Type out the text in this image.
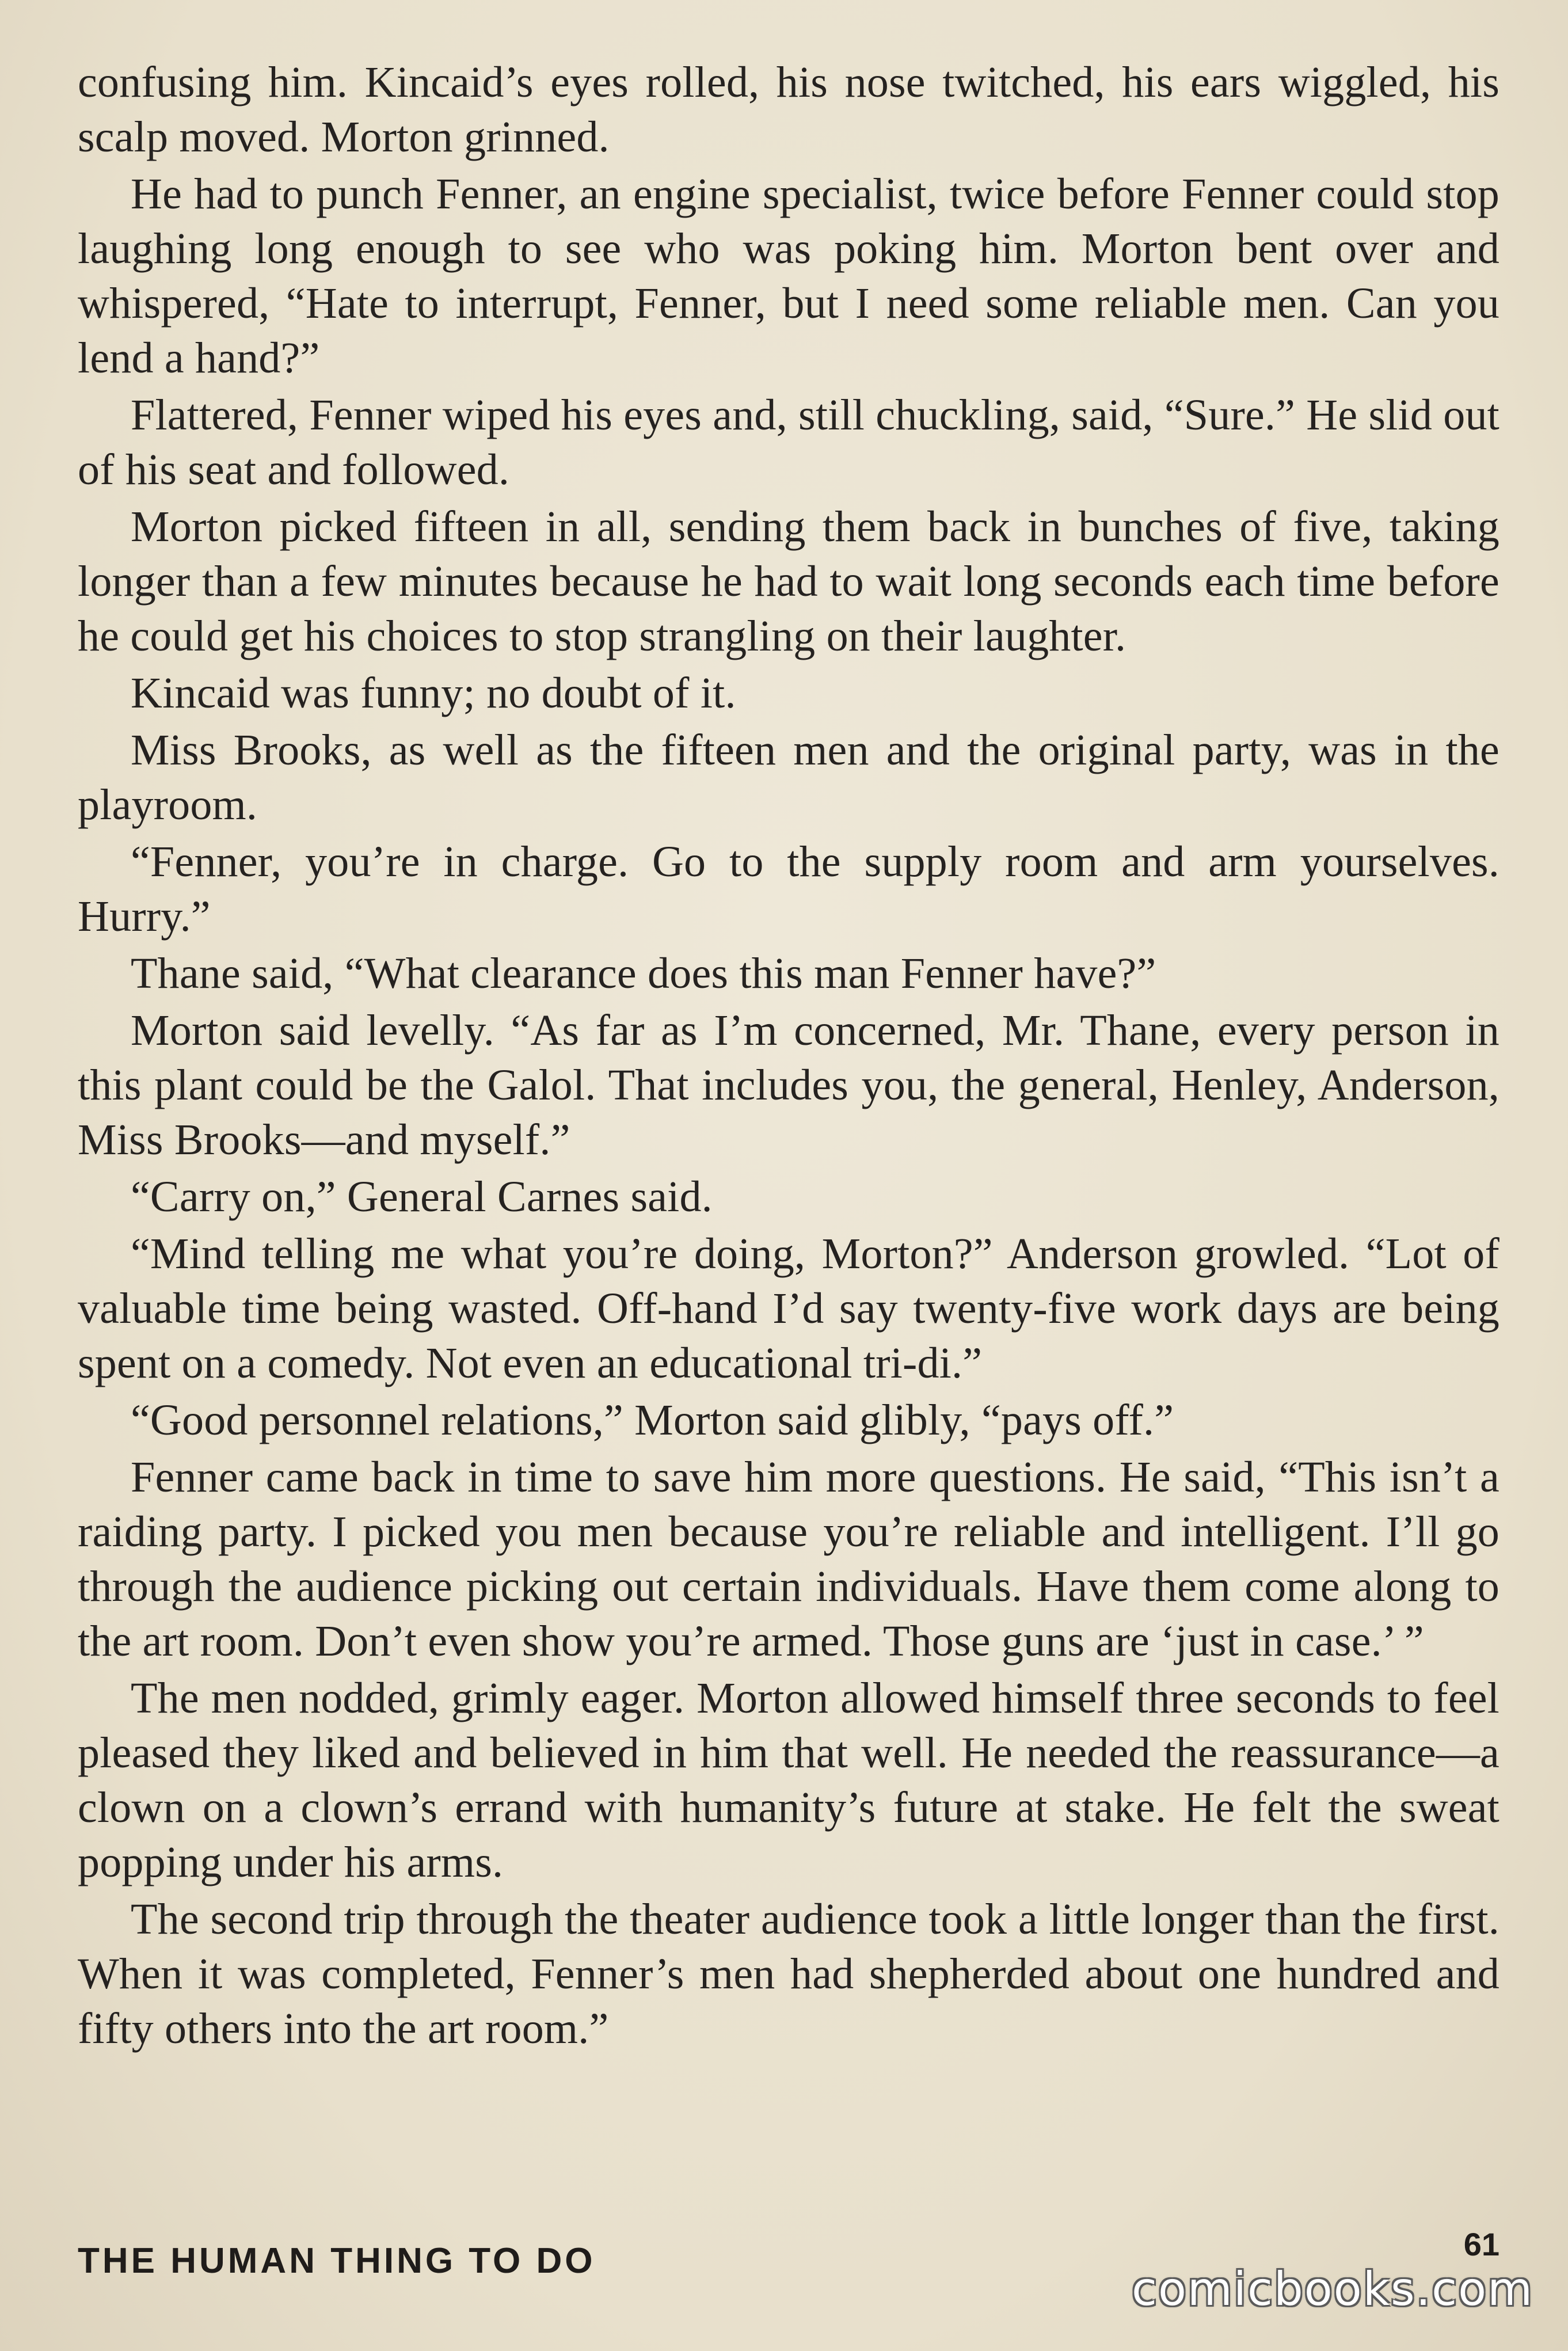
confusing him. Kincaid’s eyes rolled, his nose twitched, his ears wiggled, his scalp moved. Morton grinned.

He had to punch Fenner, an engine specialist, twice before Fenner could stop laughing long enough to see who was poking him. Morton bent over and whispered, “Hate to interrupt, Fenner, but I need some reliable men. Can you lend a hand?”

Flattered, Fenner wiped his eyes and, still chuckling, said, “Sure.” He slid out of his seat and followed.

Morton picked fifteen in all, sending them back in bunches of five, taking longer than a few minutes because he had to wait long seconds each time before he could get his choices to stop strangling on their laughter.

Kincaid was funny; no doubt of it.

Miss Brooks, as well as the fifteen men and the original party, was in the playroom.

“Fenner, you’re in charge. Go to the supply room and arm yourselves. Hurry.”

Thane said, “What clearance does this man Fenner have?”

Morton said levelly. “As far as I’m concerned, Mr. Thane, every person in this plant could be the Galol. That includes you, the general, Henley, Anderson, Miss Brooks—and myself.”

“Carry on,” General Carnes said.

“Mind telling me what you’re doing, Morton?” Anderson growled. “Lot of valuable time being wasted. Off-hand I’d say twenty-five work days are being spent on a comedy. Not even an educational tri-di.”

“Good personnel relations,” Morton said glibly, “pays off.”

Fenner came back in time to save him more questions. He said, “This isn’t a raiding party. I picked you men because you’re reliable and intelligent. I’ll go through the audience picking out certain individuals. Have them come along to the art room. Don’t even show you’re armed. Those guns are ‘just in case.’ ”

The men nodded, grimly eager. Morton allowed himself three seconds to feel pleased they liked and believed in him that well. He needed the reassurance—a clown on a clown’s errand with humanity’s future at stake. He felt the sweat popping under his arms.

The second trip through the theater audience took a little longer than the first. When it was completed, Fenner’s men had shepherded about one hundred and fifty others into the art room.”

THE HUMAN THING TO DO	61
comicbooks.com
